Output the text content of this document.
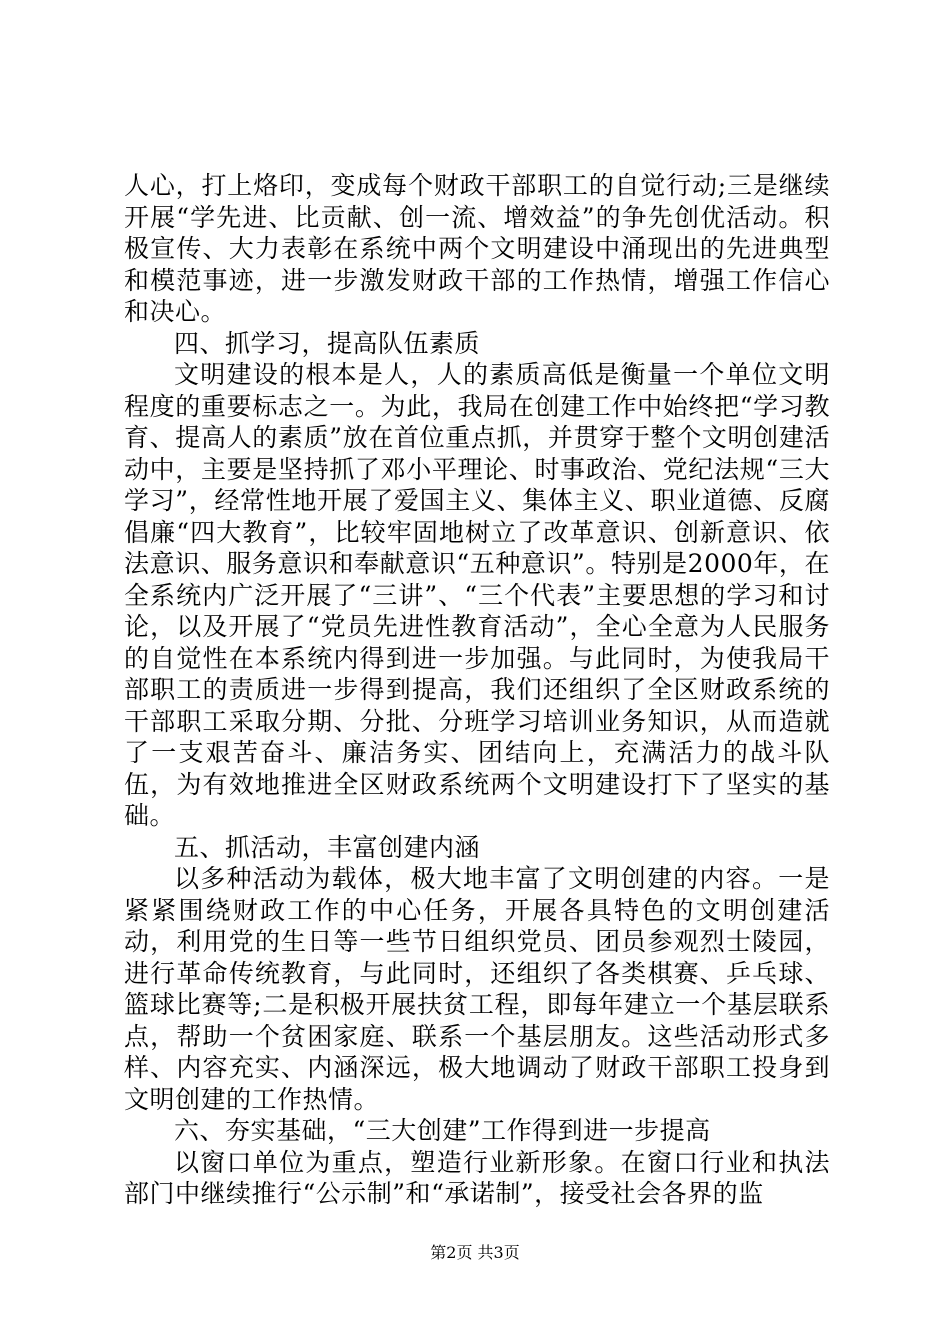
人心，打上烙印，变成每个财政干部职工的自觉行动;三是继续开展“学先进、比贡献、创一流、增效益”的争先创优活动。积极宣传、大力表彰在系统中两个文明建设中涌现出的先进典型和模范事迹，进一步激发财政干部的工作热情，增强工作信心和决心。

四、抓学习，提高队伍素质

文明建设的根本是人，人的素质高低是衡量一个单位文明程度的重要标志之一。为此，我局在创建工作中始终把“学习教育、提高人的素质”放在首位重点抓，并贯穿于整个文明创建活动中，主要是坚持抓了邓小平理论、时事政治、党纪法规“三大学习”，经常性地开展了爱国主义、集体主义、职业道德、反腐倡廉“四大教育”，比较牢固地树立了改革意识、创新意识、依法意识、服务意识和奉献意识“五种意识”。特别是2000年，在全系统内广泛开展了“三讲”、“三个代表”主要思想的学习和讨论，以及开展了“党员先进性教育活动”，全心全意为人民服务的自觉性在本系统内得到进一步加强。与此同时，为使我局干部职工的责质进一步得到提高，我们还组织了全区财政系统的干部职工采取分期、分批、分班学习培训业务知识，从而造就了一支艰苦奋斗、廉洁务实、团结向上，充满活力的战斗队伍，为有效地推进全区财政系统两个文明建设打下了坚实的基础。

五、抓活动，丰富创建内涵

以多种活动为载体，极大地丰富了文明创建的内容。一是紧紧围绕财政工作的中心任务，开展各具特色的文明创建活动，利用党的生日等一些节日组织党员、团员参观烈士陵园，进行革命传统教育，与此同时，还组织了各类棋赛、乒乓球、篮球比赛等;二是积极开展扶贫工程，即每年建立一个基层联系点，帮助一个贫困家庭、联系一个基层朋友。这些活动形式多样、内容充实、内涵深远，极大地调动了财政干部职工投身到文明创建的工作热情。

六、夯实基础，“三大创建”工作得到进一步提高

以窗口单位为重点，塑造行业新形象。在窗口行业和执法部门中继续推行“公示制”和“承诺制”，接受社会各界的监

第2页 共3页
